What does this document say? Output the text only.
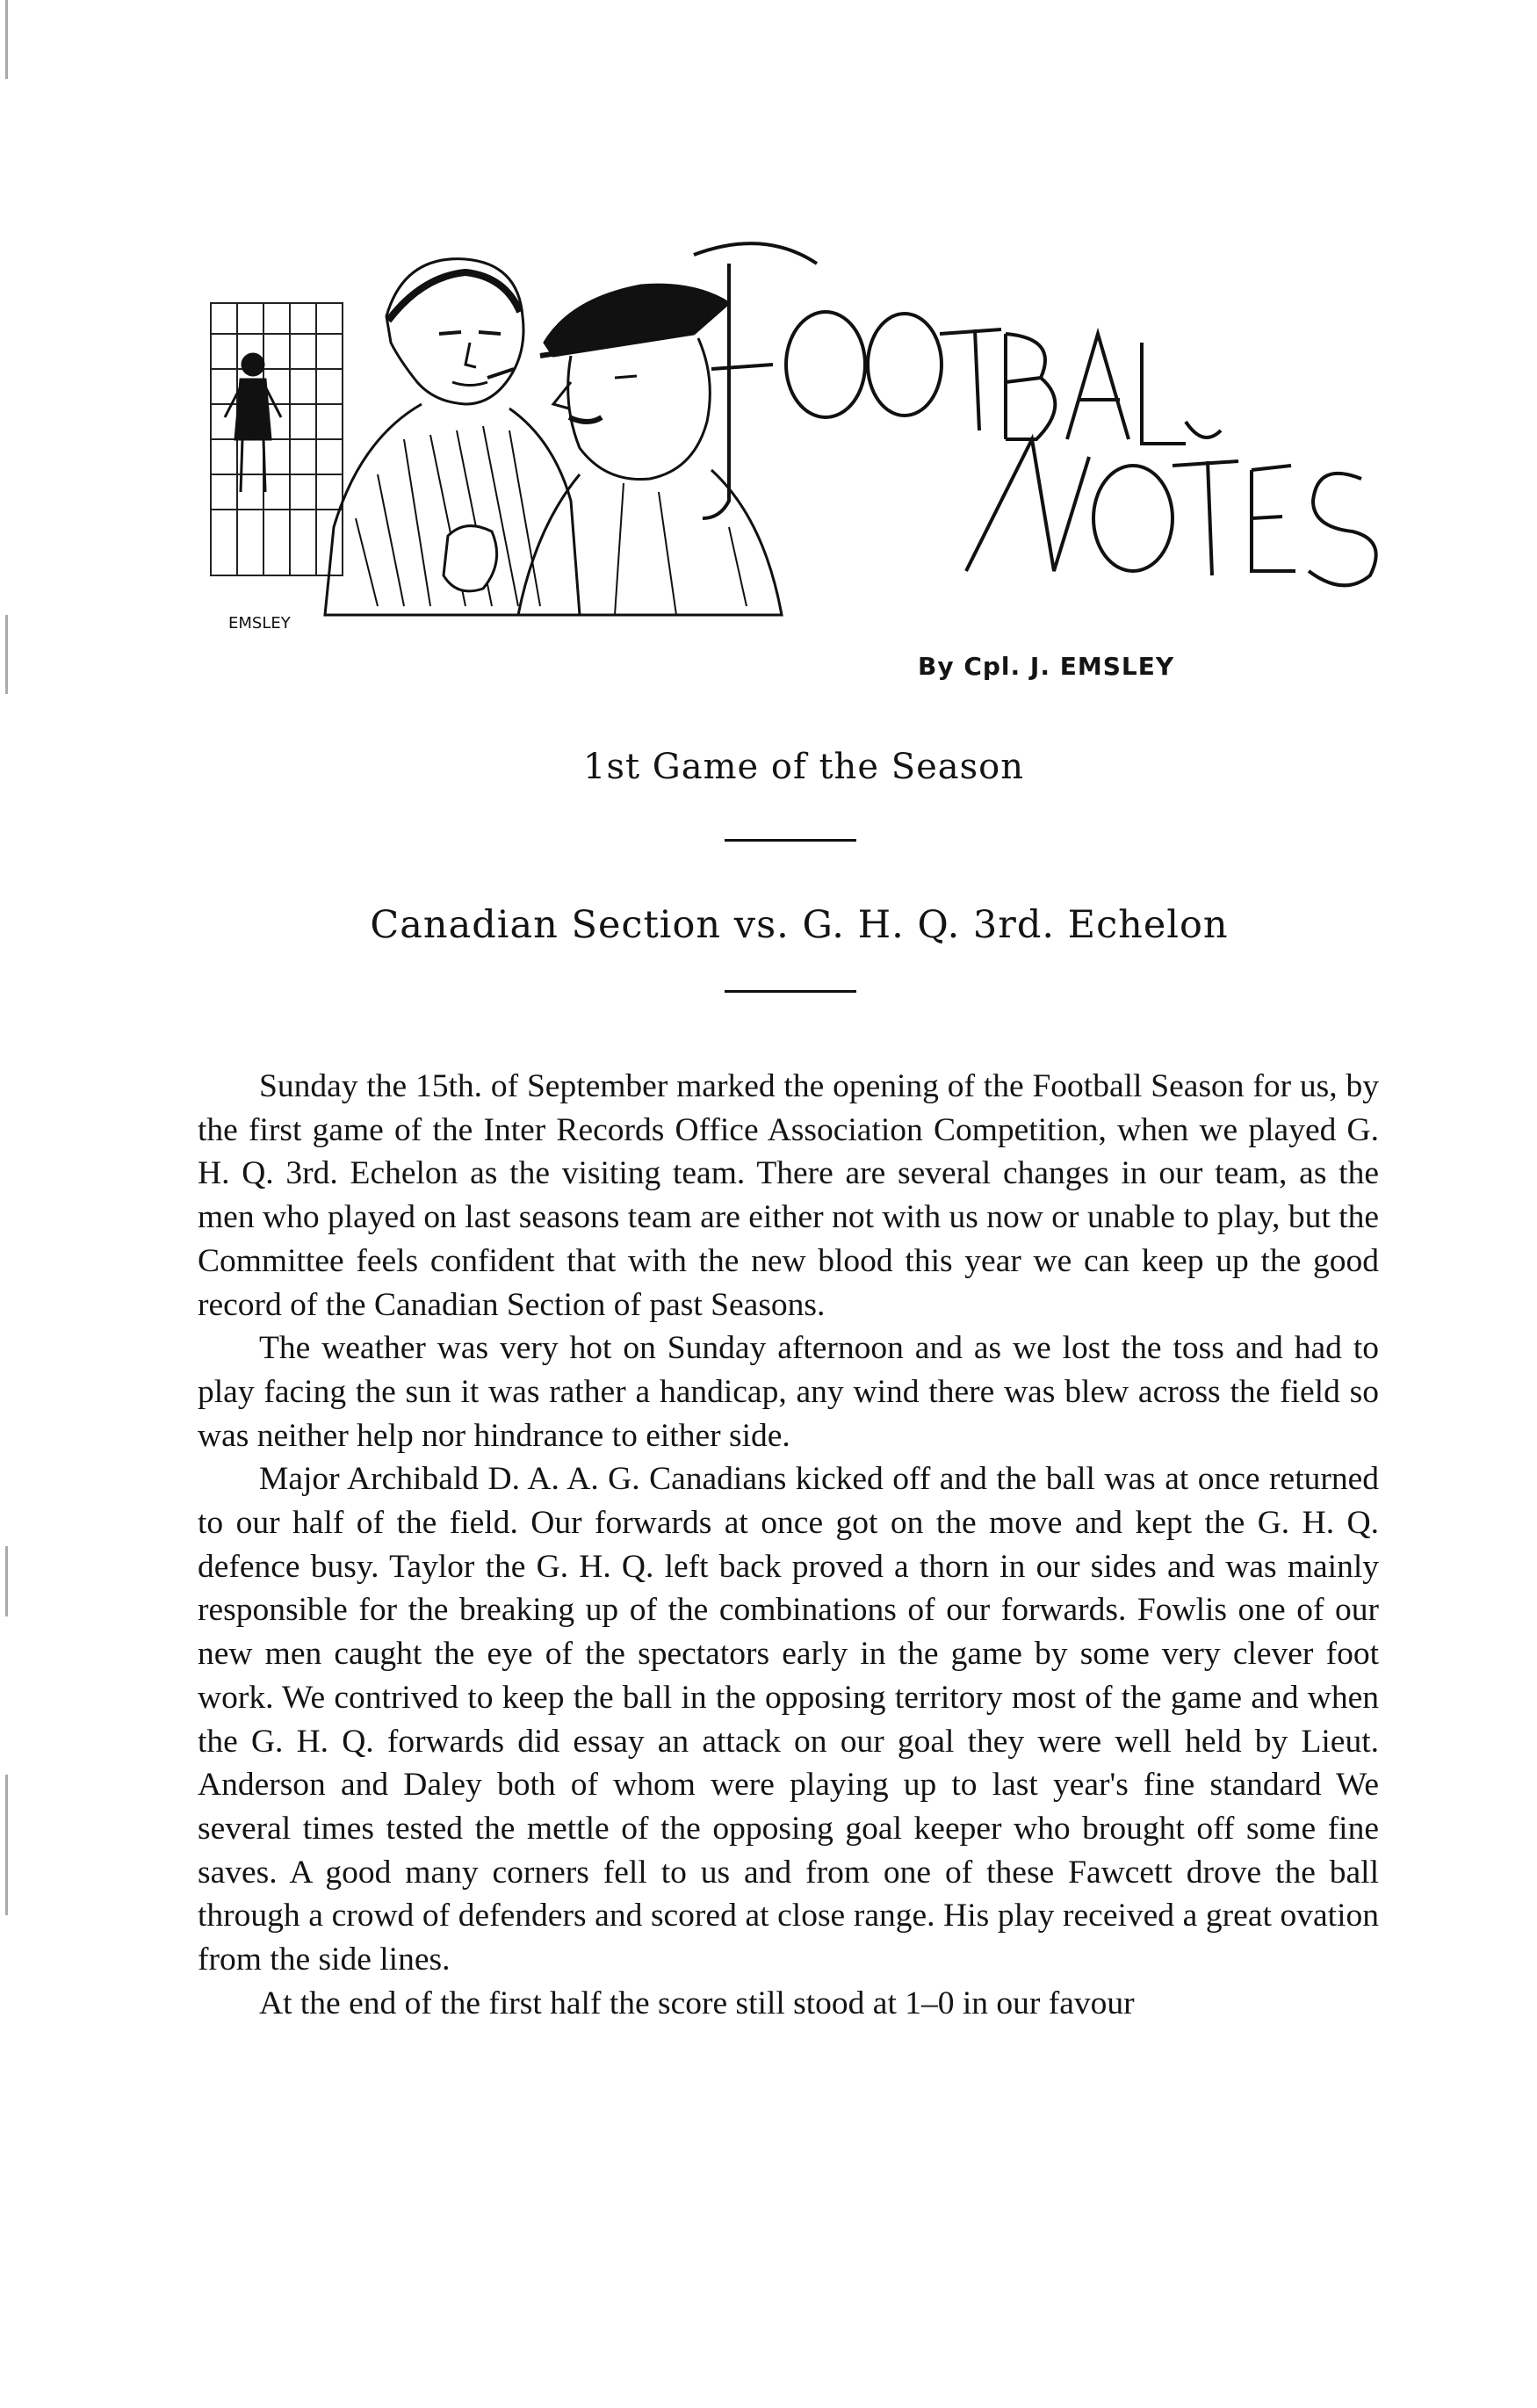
EMSLEY
By Cpl. J. EMSLEY
1st Game of the Season
Canadian Section vs. G. H. Q. 3rd. Echelon

Sunday the 15th. of September marked the opening of the Football Season for us, by the first game of the Inter Records Office Association Competition, when we played G. H. Q. 3rd. Echelon as the visiting team. There are several changes in our team, as the men who played on last seasons team are either not with us now or unable to play, but the Committee feels confident that with the new blood this year we can keep up the good record of the Canadian Section of past Seasons.

The weather was very hot on Sunday afternoon and as we lost the toss and had to play facing the sun it was rather a handicap, any wind there was blew across the field so was neither help nor hindrance to either side.

Major Archibald D. A. A. G. Canadians kicked off and the ball was at once returned to our half of the field. Our forwards at once got on the move and kept the G. H. Q. defence busy. Taylor the G. H. Q. left back proved a thorn in our sides and was mainly responsible for the breaking up of the combinations of our forwards. Fowlis one of our new men caught the eye of the spectators early in the game by some very clever foot work. We contrived to keep the ball in the opposing territory most of the game and when the G. H. Q. forwards did essay an attack on our goal they were well held by Lieut. Anderson and Daley both of whom were playing up to last year's fine standard We several times tested the mettle of the opposing goal keeper who brought off some fine saves. A good many corners fell to us and from one of these Fawcett drove the ball through a crowd of defenders and scored at close range. His play received a great ovation from the side lines.

At the end of the first half the score still stood at 1–0 in our favour
